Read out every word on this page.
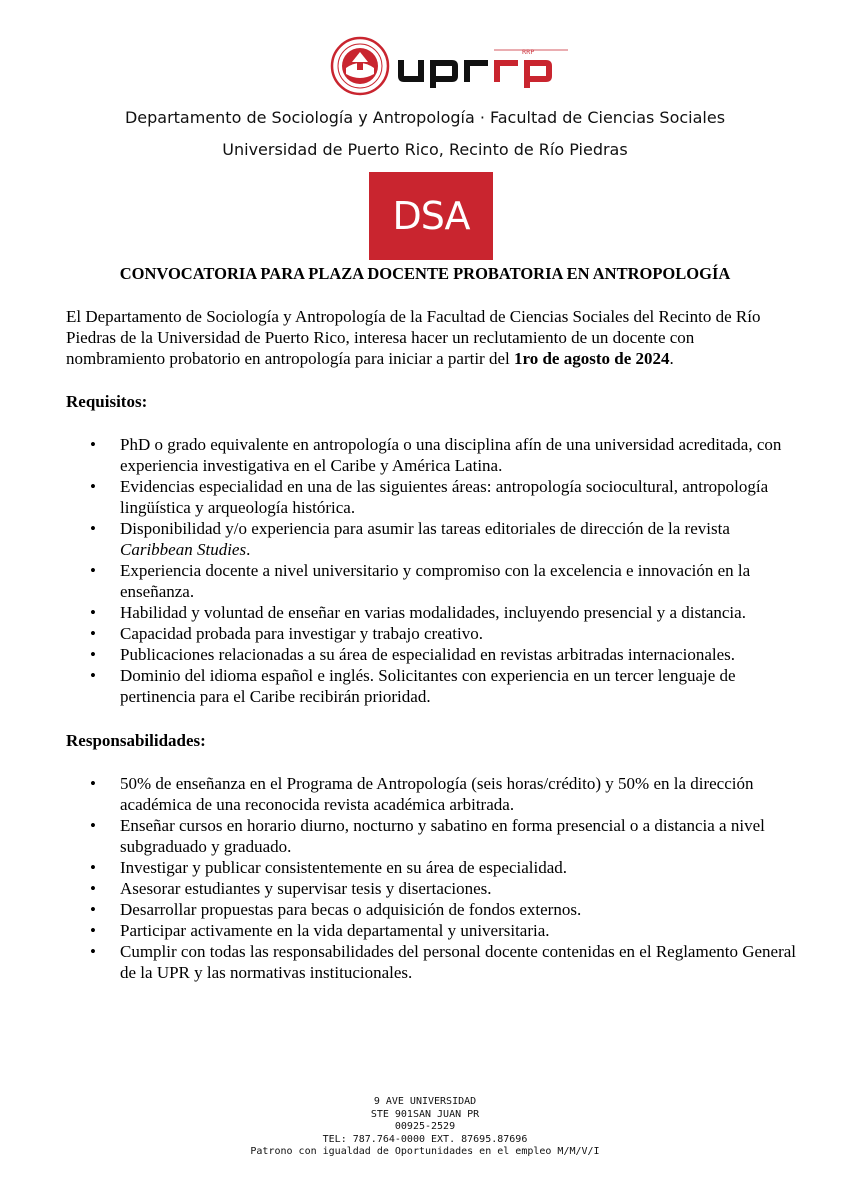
RRP
Departamento de Sociología y Antropología · Facultad de Ciencias Sociales
Universidad de Puerto Rico, Recinto de Río Piedras
DSA
CONVOCATORIA PARA PLAZA DOCENTE PROBATORIA EN ANTROPOLOGÍA

El Departamento de Sociología y Antropología de la Facultad de Ciencias Sociales del Recinto de Río Piedras de la Universidad de Puerto Rico, interesa hacer un reclutamiento de un docente con nombramiento probatorio en antropología para iniciar a partir del 1ro de agosto de 2024.

Requisitos:
• PhD o grado equivalente en antropología o una disciplina afín de una universidad acreditada, con experiencia investigativa en el Caribe y América Latina.
• Evidencias especialidad en una de las siguientes áreas: antropología sociocultural, antropología lingüística y arqueología histórica.
• Disponibilidad y/o experiencia para asumir las tareas editoriales de dirección de la revista Caribbean Studies.
• Experiencia docente a nivel universitario y compromiso con la excelencia e innovación en la enseñanza.
• Habilidad y voluntad de enseñar en varias modalidades, incluyendo presencial y a distancia.
• Capacidad probada para investigar y trabajo creativo.
• Publicaciones relacionadas a su área de especialidad en revistas arbitradas internacionales.
• Dominio del idioma español e inglés. Solicitantes con experiencia en un tercer lenguaje de pertinencia para el Caribe recibirán prioridad.
Responsabilidades:
• 50% de enseñanza en el Programa de Antropología (seis horas/crédito) y 50% en la dirección académica de una reconocida revista académica arbitrada.
• Enseñar cursos en horario diurno, nocturno y sabatino en forma presencial o a distancia a nivel subgraduado y graduado.
• Investigar y publicar consistentemente en su área de especialidad.
• Asesorar estudiantes y supervisar tesis y disertaciones.
• Desarrollar propuestas para becas o adquisición de fondos externos.
• Participar activamente en la vida departamental y universitaria.
• Cumplir con todas las responsabilidades del personal docente contenidas en el Reglamento General de la UPR y las normativas institucionales.
9 AVE UNIVERSIDAD
STE 901SAN JUAN PR
00925-2529
TEL: 787.764-0000 EXT. 87695.87696
Patrono con igualdad de Oportunidades en el empleo M/M/V/I
